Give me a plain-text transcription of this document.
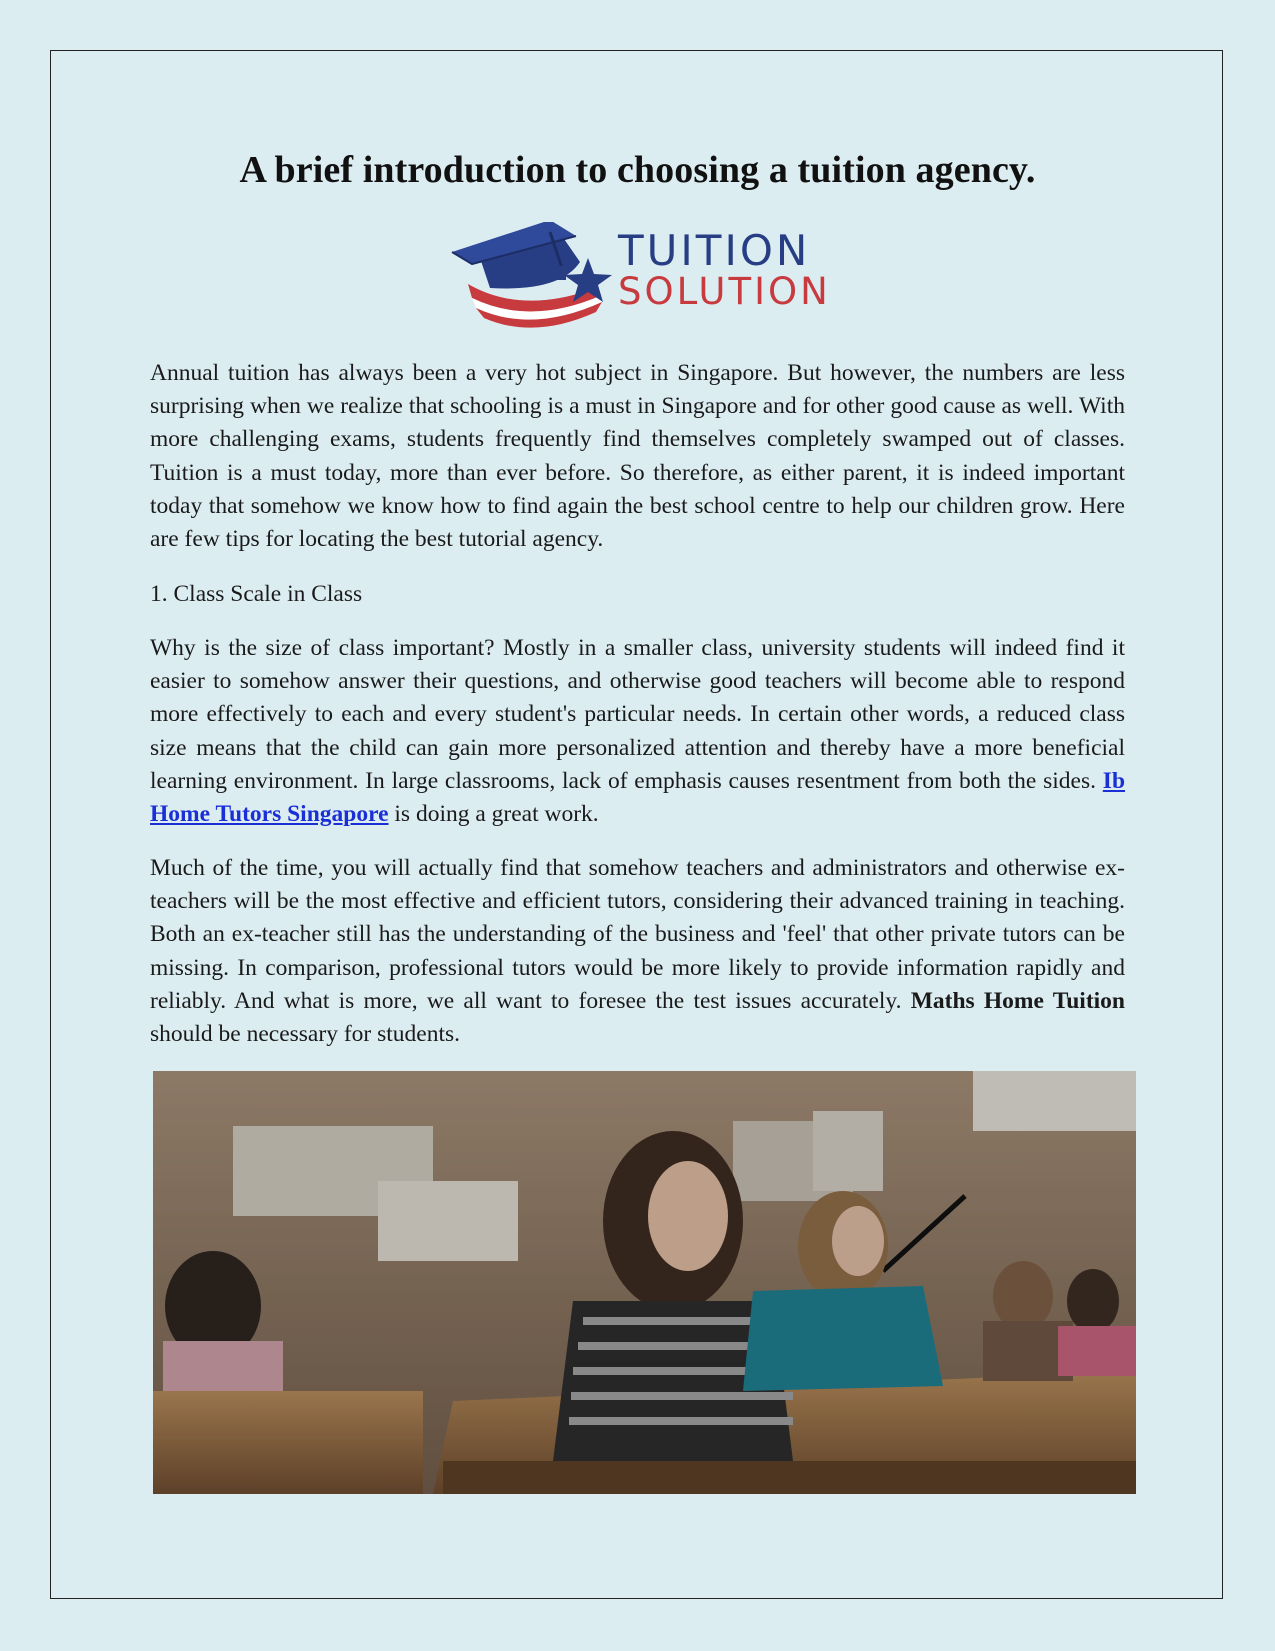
A brief introduction to choosing a tuition agency.
TUITION
SOLUTION

Annual tuition has always been a very hot subject in Singapore. But however, the numbers are less surprising when we realize that schooling is a must in Singapore and for other good cause as well. With more challenging exams, students frequently find themselves completely swamped out of classes. Tuition is a must today, more than ever before. So therefore, as either parent, it is indeed important today that somehow we know how to find again the best school centre to help our children grow. Here are few tips for locating the best tutorial agency.

1. Class Scale in Class

Why is the size of class important? Mostly in a smaller class, university students will indeed find it easier to somehow answer their questions, and otherwise good teachers will become able to respond more effectively to each and every student's particular needs. In certain other words, a reduced class size means that the child can gain more personalized attention and thereby have a more beneficial learning environment. In large classrooms, lack of emphasis causes resentment from both the sides. Ib Home Tutors Singapore is doing a great work.

Much of the time, you will actually find that somehow teachers and administrators and otherwise ex-teachers will be the most effective and efficient tutors, considering their advanced training in teaching. Both an ex-teacher still has the understanding of the business and 'feel' that other private tutors can be missing. In comparison, professional tutors would be more likely to provide information rapidly and reliably. And what is more, we all want to foresee the test issues accurately. Maths Home Tuition should be necessary for students.
